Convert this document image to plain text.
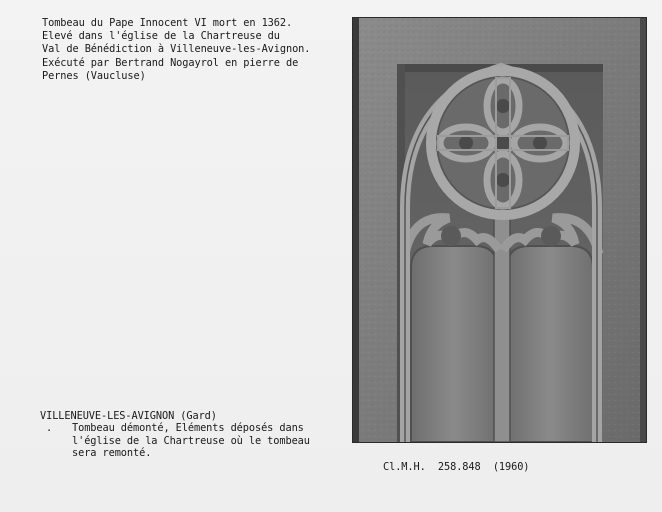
Tombeau du Pape Innocent VI mort en 1362.
Elevé dans l'église de la Chartreuse du
Val de Bénédiction à Villeneuve-les-Avignon.
Exécuté par Bertrand Nogayrol en pierre de
Pernes (Vaucluse)
VILLENEUVE-LES-AVIGNON (Gard)
. Tombeau démonté, Eléments déposés dans
l'église de la Chartreuse où le tombeau
sera remonté.
Cl.M.H. 258.848 (1960)
